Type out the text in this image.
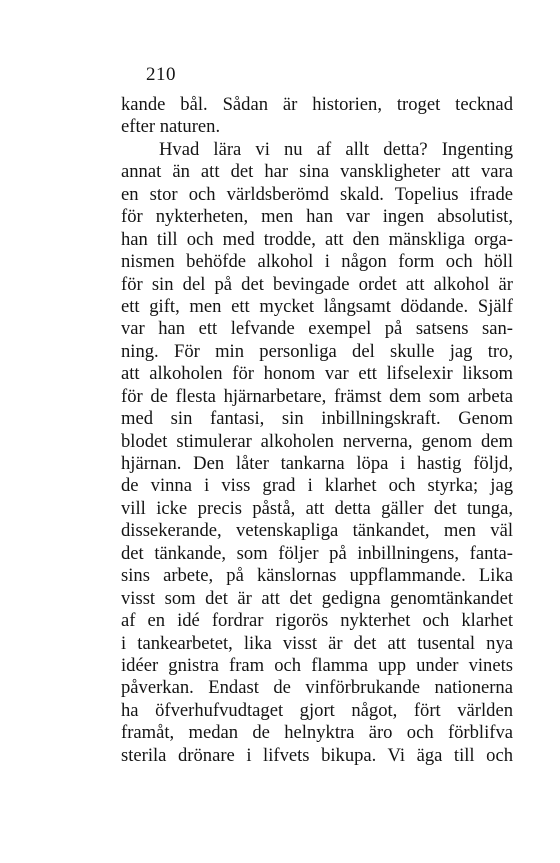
210
kande bål. Sådan är historien, troget tecknad
efter naturen.
Hvad lära vi nu af allt detta? Ingenting
annat än att det har sina vanskligheter att vara
en stor och världsberömd skald. Topelius ifrade
för nykterheten, men han var ingen absolutist,
han till och med trodde, att den mänskliga orga-
nismen behöfde alkohol i någon form och höll
för sin del på det bevingade ordet att alkohol är
ett gift, men ett mycket långsamt dödande. Själf
var han ett lefvande exempel på satsens san-
ning. För min personliga del skulle jag tro,
att alkoholen för honom var ett lifselexir liksom
för de flesta hjärnarbetare, främst dem som arbeta
med sin fantasi, sin inbillningskraft. Genom
blodet stimulerar alkoholen nerverna, genom dem
hjärnan. Den låter tankarna löpa i hastig följd,
de vinna i viss grad i klarhet och styrka; jag
vill icke precis påstå, att detta gäller det tunga,
dissekerande, vetenskapliga tänkandet, men väl
det tänkande, som följer på inbillningens, fanta-
sins arbete, på känslornas uppflammande. Lika
visst som det är att det gedigna genomtänkandet
af en idé fordrar rigorös nykterhet och klarhet
i tankearbetet, lika visst är det att tusental nya
idéer gnistra fram och flamma upp under vinets
påverkan. Endast de vinförbrukande nationerna
ha öfverhufvudtaget gjort något, fört världen
framåt, medan de helnyktra äro och förblifva
sterila drönare i lifvets bikupa. Vi äga till och
